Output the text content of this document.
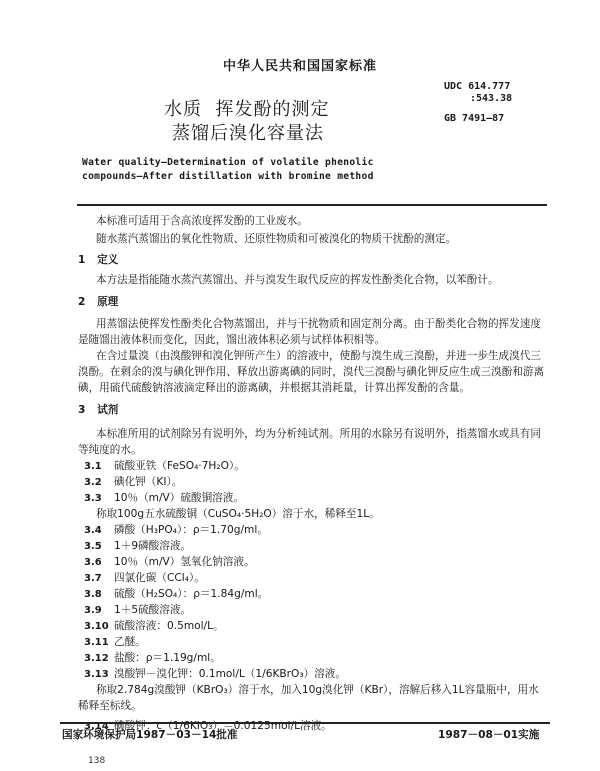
中华人民共和国国家标准
UDC 614.777
:543.38
GB 7491—87
水质  挥发酚的测定
蒸馏后溴化容量法
Water quality—Determination of volatile phenolic
compounds—After distillation with bromine method
本标准可适用于含高浓度挥发酚的工业废水。
随水蒸汽蒸馏出的氧化性物质、还原性物质和可被溴化的物质干扰酚的测定。
1 定义
本方法是指能随水蒸汽蒸馏出、并与溴发生取代反应的挥发性酚类化合物，以苯酚计。
2 原理
用蒸馏法使挥发性酚类化合物蒸馏出，并与干扰物质和固定剂分离。由于酚类化合物的挥发速度
是随馏出液体积而变化，因此，馏出液体积必须与试样体积相等。
在含过量溴（由溴酸钾和溴化钾所产生）的溶液中，使酚与溴生成三溴酚，并进一步生成溴代三
溴酚。在剩余的溴与碘化钾作用、释放出游离碘的同时，溴代三溴酚与碘化钾反应生成三溴酚和游离
碘，用硫代硫酸钠溶液滴定释出的游离碘，并根据其消耗量，计算出挥发酚的含量。
3 试剂
本标准所用的试剂除另有说明外，均为分析纯试剂。所用的水除另有说明外，指蒸馏水或具有同
等纯度的水。
3.1	硫酸亚铁（FeSO₄·7H₂O）。
3.2	碘化钾（KI）。
3.3	10％（m/V）硫酸铜溶液。
称取100g五水硫酸铜（CuSO₄·5H₂O）溶于水，稀释至1L。
3.4	磷酸（H₃PO₄）：ρ＝1.70g/ml。
3.5	1＋9磷酸溶液。
3.6	10％（m/V）氢氧化钠溶液。
3.7	四氯化碳（CCl₄）。
3.8	硫酸（H₂SO₄）：ρ＝1.84g/ml。
3.9	1＋5硫酸溶液。
3.10 硫酸溶液：0.5mol/L。
3.11 乙醚。
3.12 盐酸：ρ＝1.19g/ml。
3.13 溴酸钾－溴化钾：0.1mol/L（1/6KBrO₃）溶液。
称取2.784g溴酸钾（KBrO₃）溶于水，加入10g溴化钾（KBr），溶解后移入1L容量瓶中，用水
稀释至标线。
3.14 碘酸钾：c（1/6KIO₃）＝0.0125mol/L溶液。
国家环境保护局1987－03－14批准	1987－08－01实施
138
